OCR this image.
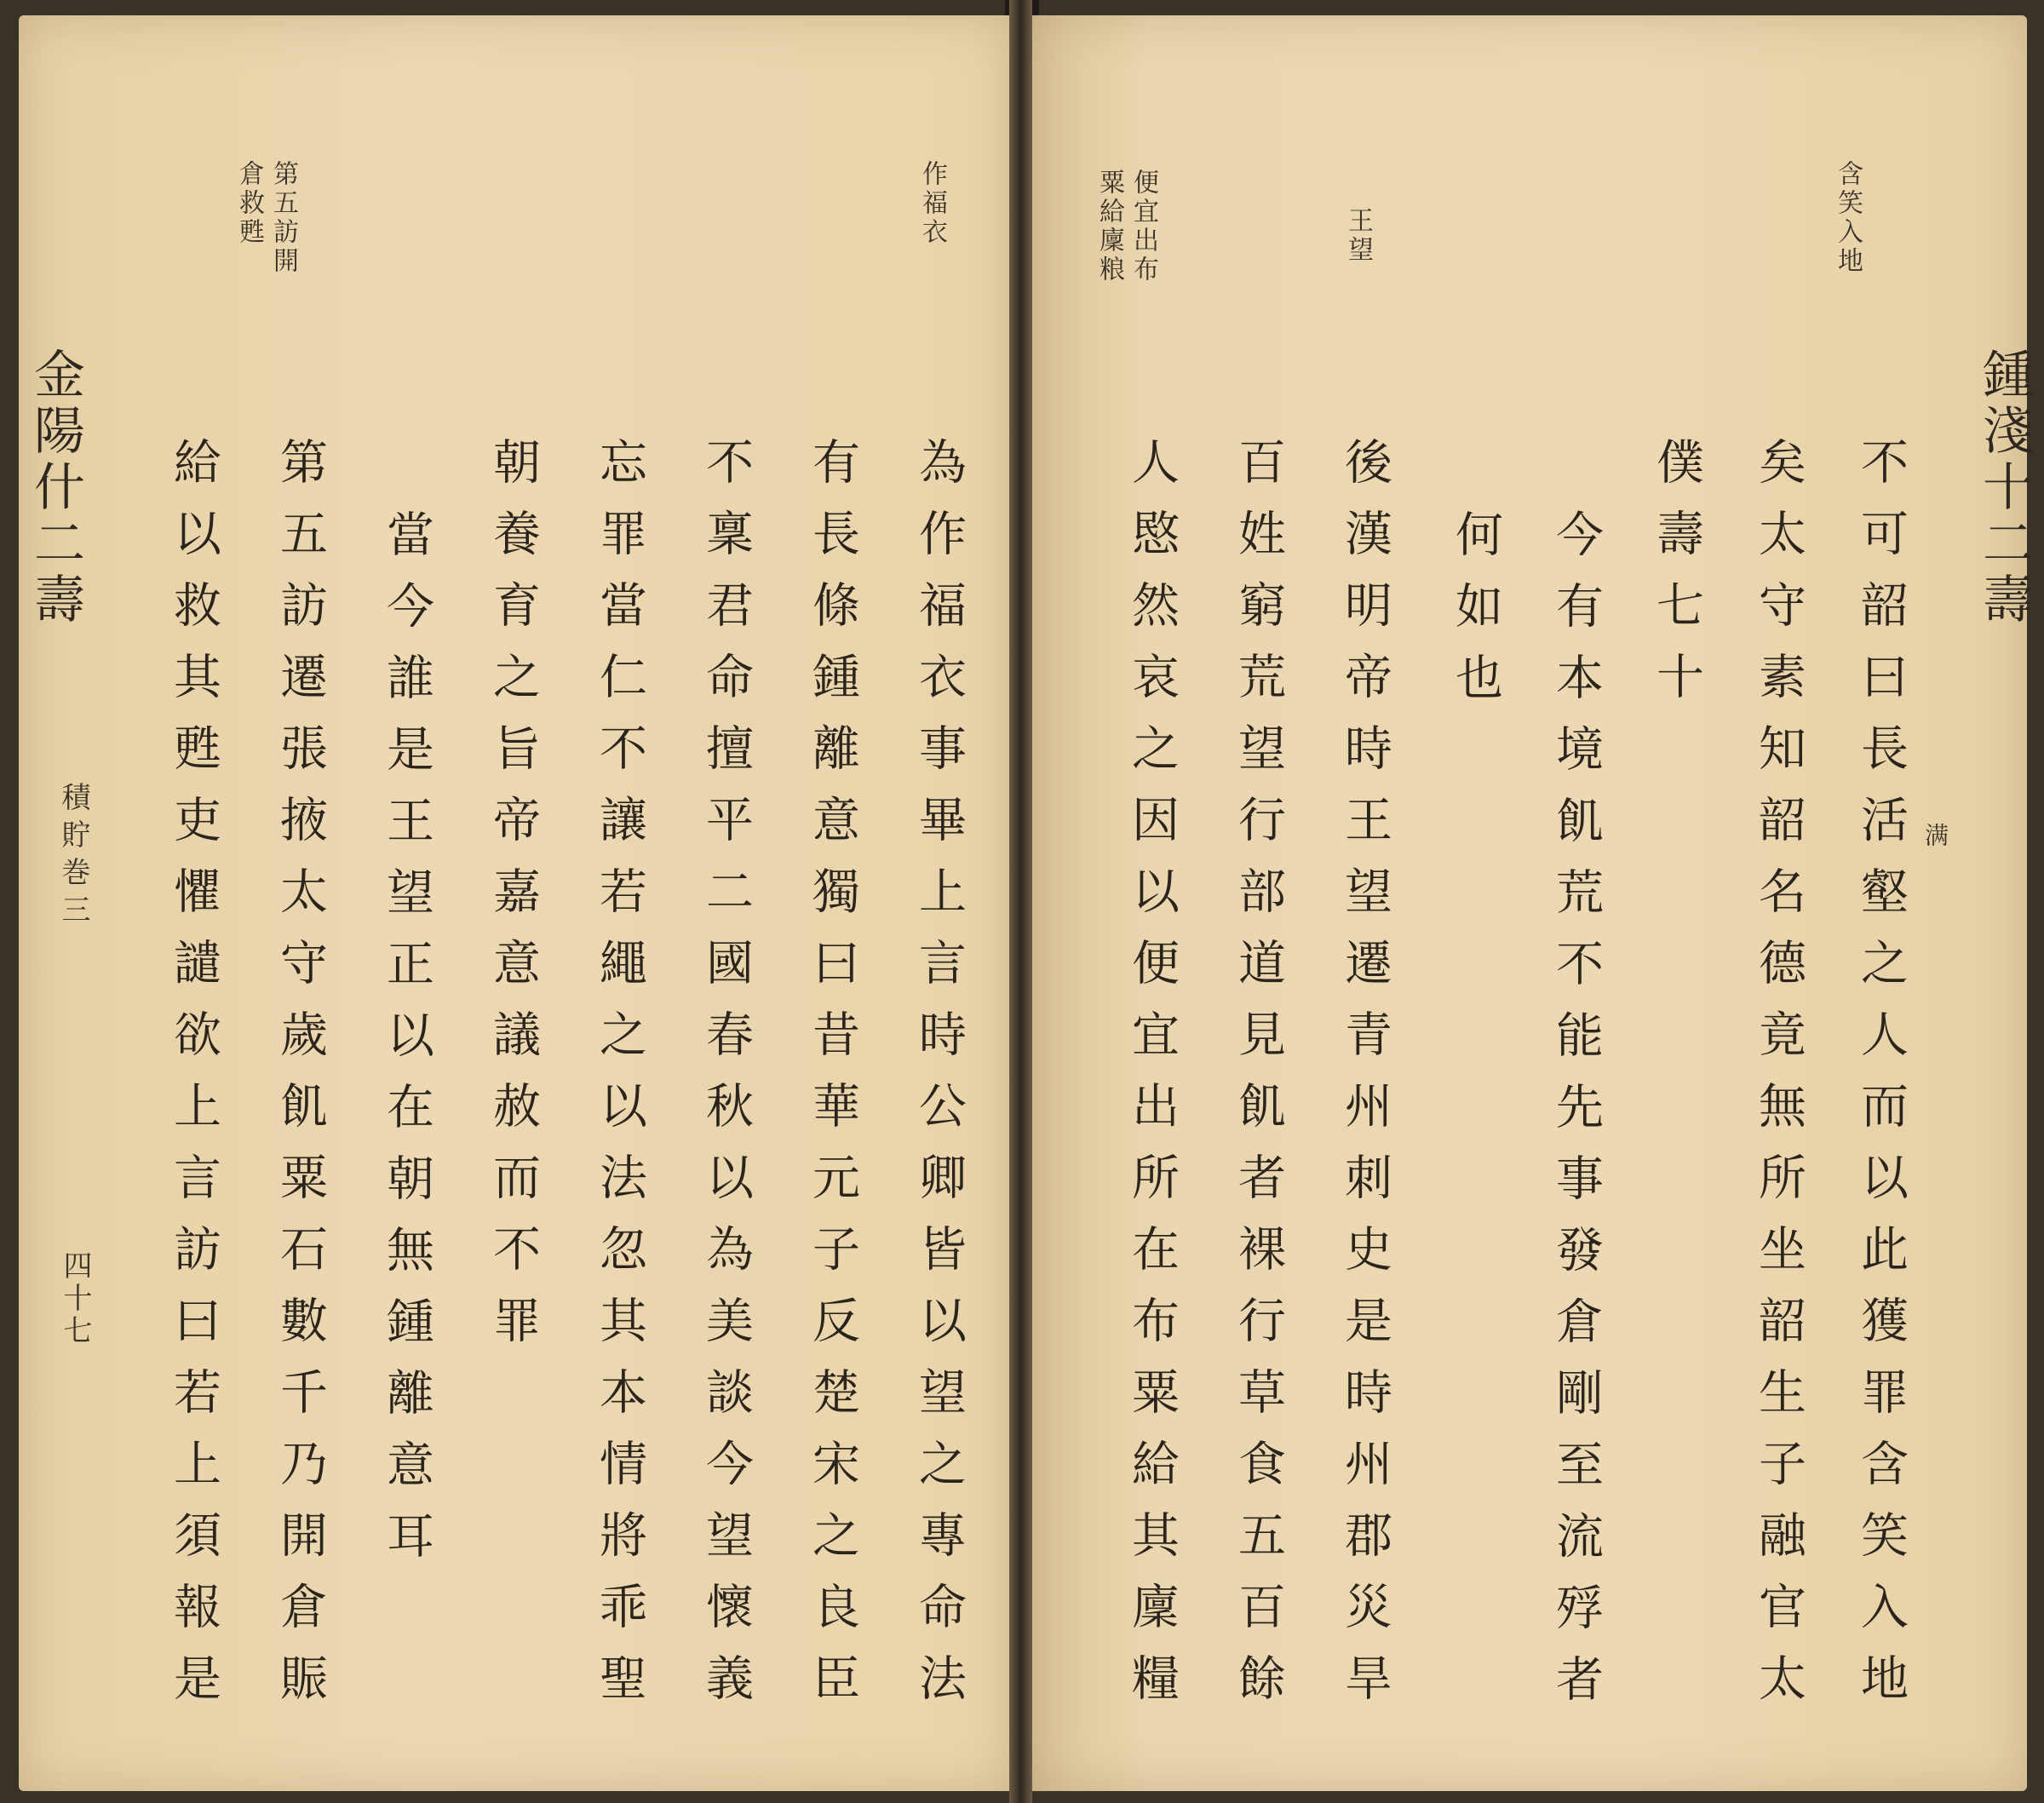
金陽什二壽
積貯巻三
四十七
第五訪開
倉救甦	作福衣
為作福衣事畢上言時公卿皆以望之專命法
有長條鍾離意獨曰昔華元子反楚宋之良臣
不稟君命擅平二國春秋以為美談今望懷義
忘罪當仁不讓若繩之以法忽其本情將乖聖
朝養育之旨帝嘉意議赦而不罪
當今誰是王望正以在朝無鍾離意耳
第五訪遷張掖太守歲飢粟石數千乃開倉賑
給以救其甦吏懼譴欲上言訪曰若上須報是	鍾淺十二壽
含笑入地
王望
便宜出布
粟給廩粮
满
不可韶曰長活壑之人而以此獲罪含笑入地
矣太守素知韶名德竟無所坐韶生子融官太
僕壽七十
今有本境飢荒不能先事發倉剛至流殍者
何如也
後漢明帝時王望遷青州刺史是時州郡災旱
百姓窮荒望行部道見飢者裸行草食五百餘
人愍然哀之因以便宜出所在布粟給其廩糧
